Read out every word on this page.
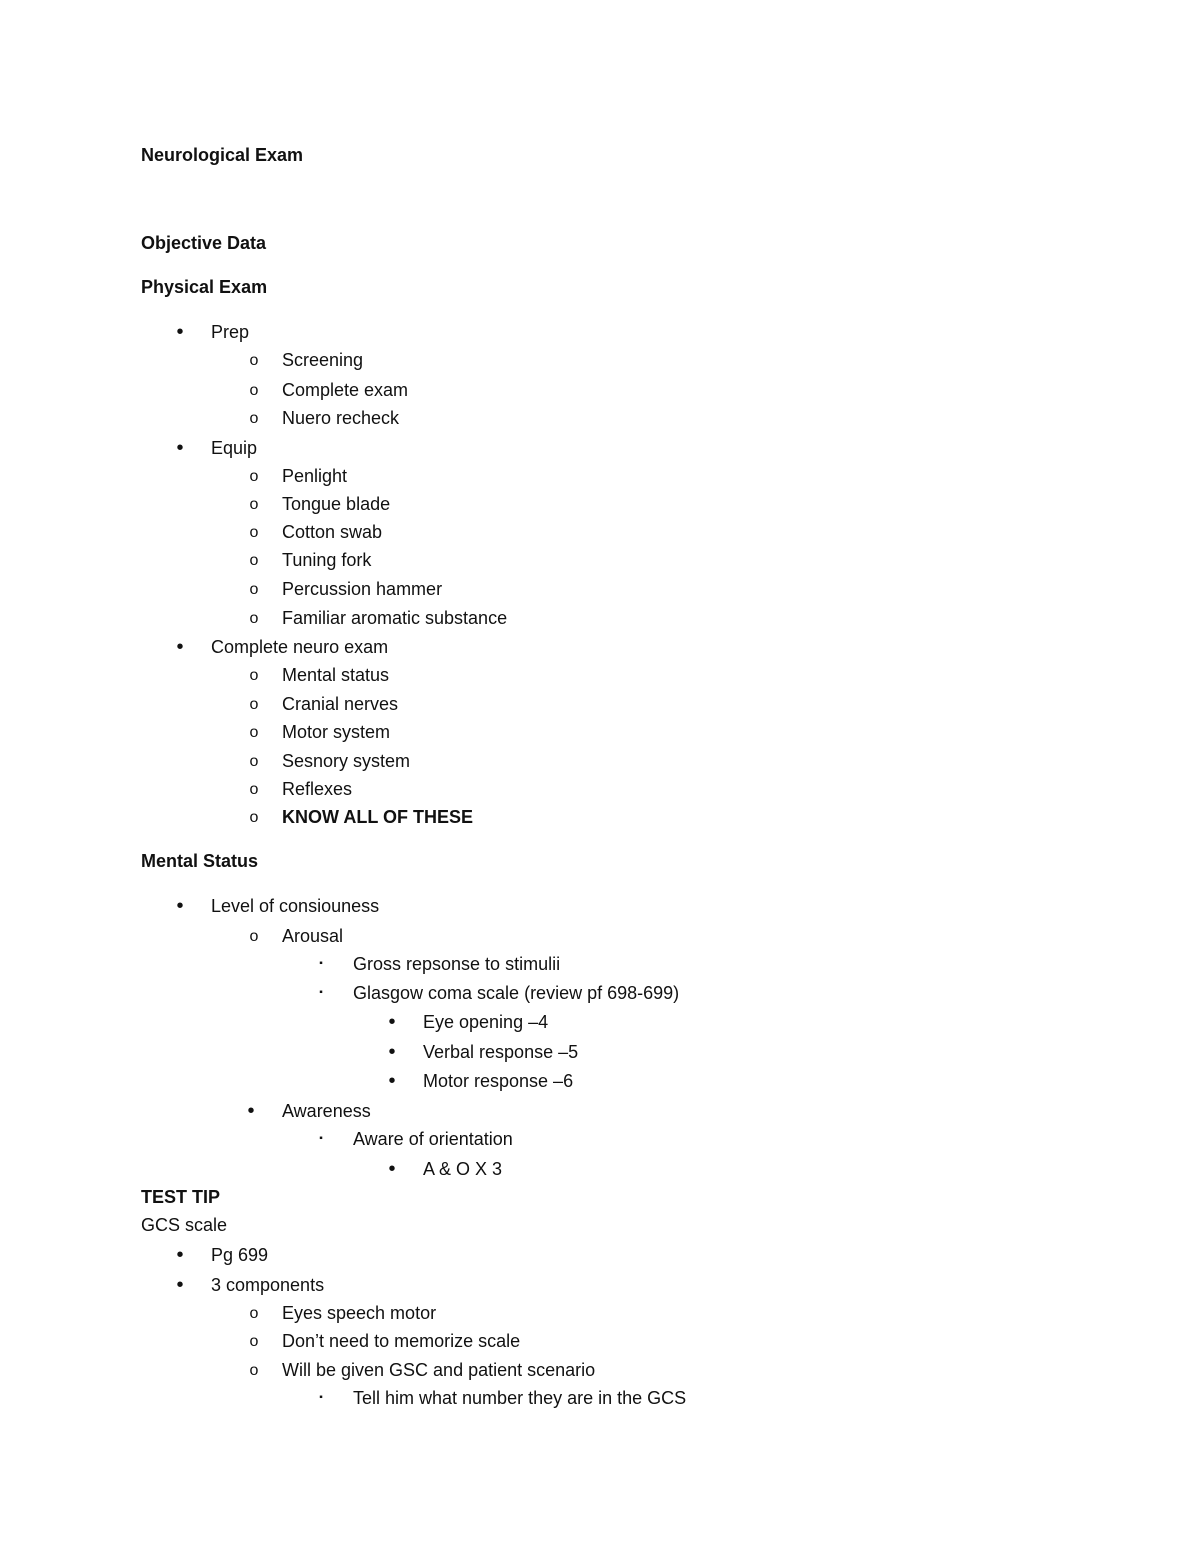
Neurological Exam
Objective Data
Physical Exam
•	Prep
o Screening
o Complete exam
o Nuero recheck
•	Equip
o Penlight
o Tongue blade
o Cotton swab
o Tuning fork
o Percussion hammer
o Familiar aromatic substance
•	Complete neuro exam
o Mental status
o Cranial nerves
o Motor system
o Sesnory system
o Reflexes
o KNOW ALL OF THESE
Mental Status
•	Level of consiouness
o Arousal
▪	Gross repsonse to stimulii
▪	Glasgow coma scale (review pf 698-699)
•	Eye opening –4
•	Verbal response –5
•	Motor response –6
•	Awareness
▪	Aware of orientation
•	A & O X 3
TEST TIP
GCS scale
•	Pg 699
•	3 components
o Eyes speech motor
o Don’t need to memorize scale
o Will be given GSC and patient scenario
▪	Tell him what number they are in the GCS
